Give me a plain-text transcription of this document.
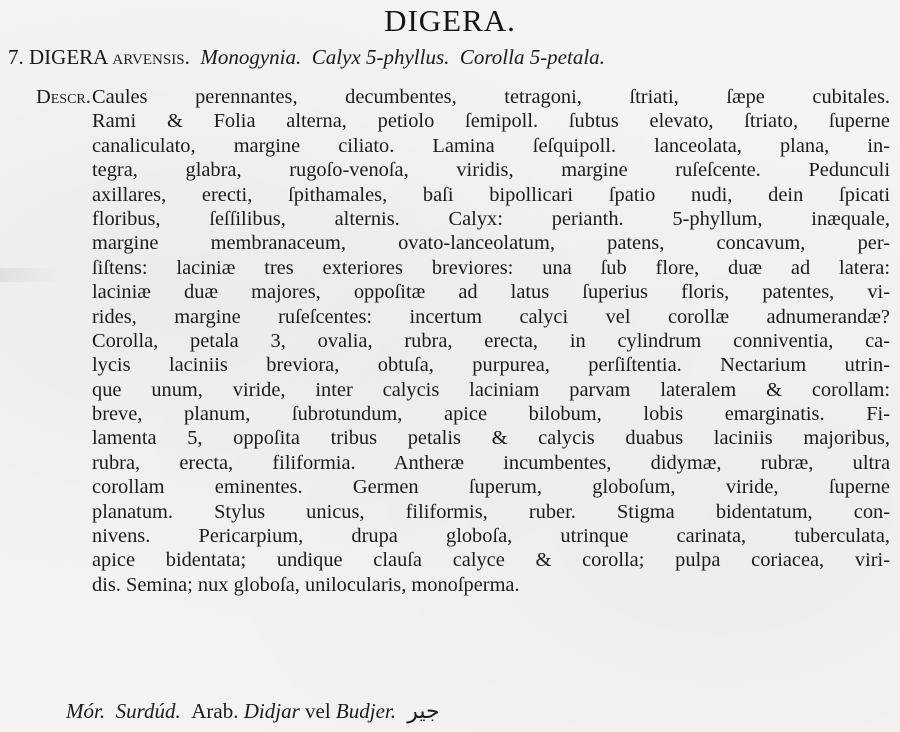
DIGERA.
7. DIGERA arvensis. Monogynia. Calyx 5-phyllus. Corolla 5-petala.
Descr. Caules perennantes, decumbentes, tetragoni, ſtriati, ſæpe cubitales.
Rami & Folia alterna, petiolo ſemipoll. ſubtus elevato, ſtriato, ſuperne
canaliculato, margine ciliato. Lamina ſeſquipoll. lanceolata, plana, in-
tegra, glabra, rugoſo-venoſa, viridis, margine ruſeſcente. Pedunculi
axillares, erecti, ſpithamales, baſi bipollicari ſpatio nudi, dein ſpicati
floribus, ſeſſilibus, alternis. Calyx: perianth. 5-phyllum, inæquale,
margine membranaceum, ovato-lanceolatum, patens, concavum, per-
ſiſtens: laciniæ tres exteriores breviores: una ſub flore, duæ ad latera:
laciniæ duæ majores, oppoſitæ ad latus ſuperius floris, patentes, vi-
rides, margine ruſeſcentes: incertum calyci vel corollæ adnumerandæ?
Corolla, petala 3, ovalia, rubra, erecta, in cylindrum conniventia, ca-
lycis laciniis breviora, obtuſa, purpurea, perſiſtentia. Nectarium utrin-
que unum, viride, inter calycis laciniam parvam lateralem & corollam:
breve, planum, ſubrotundum, apice bilobum, lobis emarginatis. Fi-
lamenta 5, oppoſita tribus petalis & calycis duabus laciniis majoribus,
rubra, erecta, filiformia. Antheræ incumbentes, didymæ, rubræ, ultra
corollam eminentes. Germen ſuperum, globoſum, viride, ſuperne
planatum. Stylus unicus, filiformis, ruber. Stigma bidentatum, con-
nivens. Pericarpium, drupa globoſa, utrinque carinata, tuberculata,
apice bidentata; undique clauſa calyce & corolla; pulpa coriacea, viri-
dis. Semina; nux globoſa, unilocularis, monoſperma.
Mór. Surdúd. Arab. Didjar vel Budjer. جير
